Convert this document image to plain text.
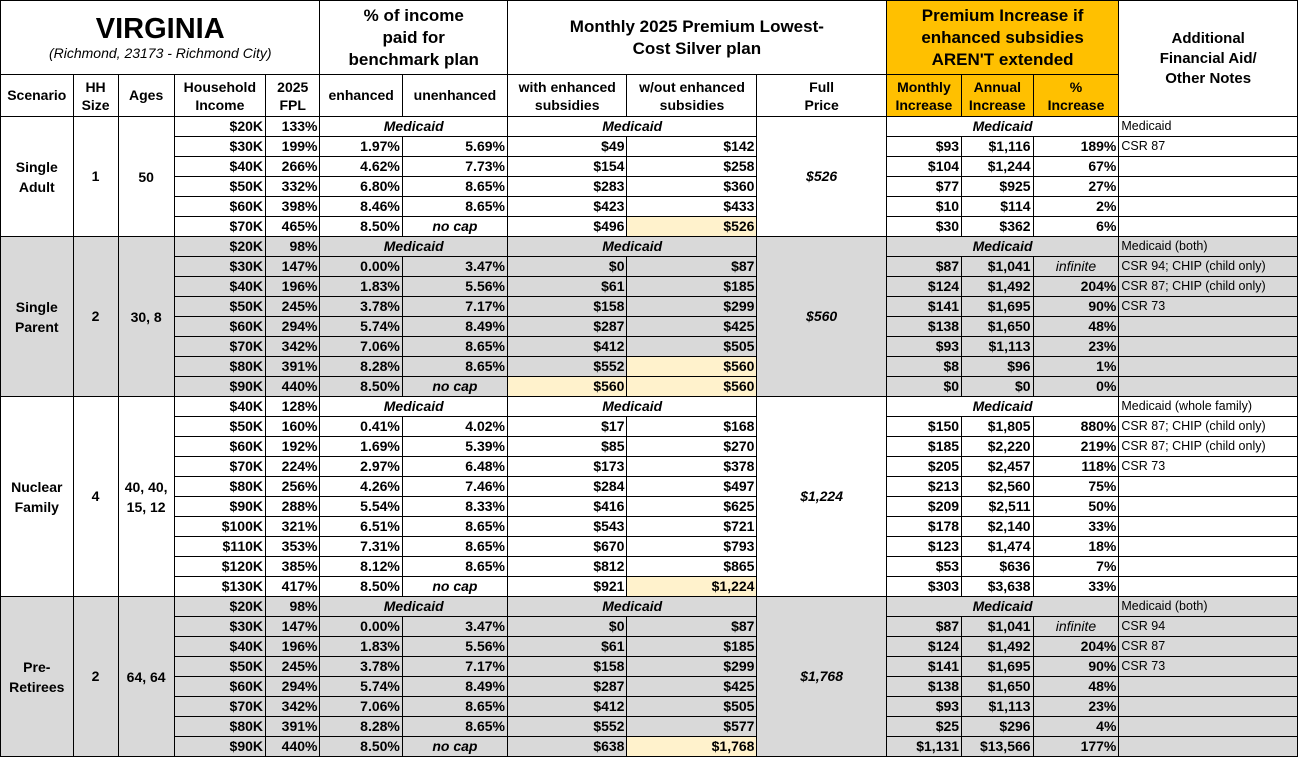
VIRGINIA
(Richmond, 23173 - Richmond City)					% of income paid for benchmark plan		Monthly 2025 Premium Lowest-Cost Silver plan			Premium Increase if enhanced subsidies AREN'T extended			Additional Financial Aid/ Other Notes
Scenario	HH Size	Ages	Household Income	2025 FPL	enhanced	unenhanced	with enhanced subsidies	w/out enhanced subsidies	Full Price	Monthly Increase	Annual Increase	% Increase	
Single Adult	1	50	$20K	133%	Medicaid		Medicaid		$526	Medicaid			Medicaid
			$30K	199%	1.97%	5.69%	$49	$142		$93	$1,116	189%	CSR 87
			$40K	266%	4.62%	7.73%	$154	$258		$104	$1,244	67%	
			$50K	332%	6.80%	8.65%	$283	$360		$77	$925	27%	
			$60K	398%	8.46%	8.65%	$423	$433		$10	$114	2%	
			$70K	465%	8.50%	no cap	$496	$526		$30	$362	6%	
Single Parent	2	30, 8	$20K	98%	Medicaid		Medicaid		$560	Medicaid			Medicaid (both)
			$30K	147%	0.00%	3.47%	$0	$87		$87	$1,041	infinite	CSR 94; CHIP (child only)
			$40K	196%	1.83%	5.56%	$61	$185		$124	$1,492	204%	CSR 87; CHIP (child only)
			$50K	245%	3.78%	7.17%	$158	$299		$141	$1,695	90%	CSR 73
			$60K	294%	5.74%	8.49%	$287	$425		$138	$1,650	48%	
			$70K	342%	7.06%	8.65%	$412	$505		$93	$1,113	23%	
			$80K	391%	8.28%	8.65%	$552	$560		$8	$96	1%	
			$90K	440%	8.50%	no cap	$560	$560		$0	$0	0%	
Nuclear Family	4	40, 40, 15, 12	$40K	128%	Medicaid		Medicaid		$1,224	Medicaid			Medicaid (whole family)
			$50K	160%	0.41%	4.02%	$17	$168		$150	$1,805	880%	CSR 87; CHIP (child only)
			$60K	192%	1.69%	5.39%	$85	$270		$185	$2,220	219%	CSR 87; CHIP (child only)
			$70K	224%	2.97%	6.48%	$173	$378		$205	$2,457	118%	CSR 73
			$80K	256%	4.26%	7.46%	$284	$497		$213	$2,560	75%	
			$90K	288%	5.54%	8.33%	$416	$625		$209	$2,511	50%	
			$100K	321%	6.51%	8.65%	$543	$721		$178	$2,140	33%	
			$110K	353%	7.31%	8.65%	$670	$793		$123	$1,474	18%	
			$120K	385%	8.12%	8.65%	$812	$865		$53	$636	7%	
			$130K	417%	8.50%	no cap	$921	$1,224		$303	$3,638	33%	
Pre- Retirees	2	64, 64	$20K	98%	Medicaid		Medicaid		$1,768	Medicaid			Medicaid (both)
			$30K	147%	0.00%	3.47%	$0	$87		$87	$1,041	infinite	CSR 94
			$40K	196%	1.83%	5.56%	$61	$185		$124	$1,492	204%	CSR 87
			$50K	245%	3.78%	7.17%	$158	$299		$141	$1,695	90%	CSR 73
			$60K	294%	5.74%	8.49%	$287	$425		$138	$1,650	48%	
			$70K	342%	7.06%	8.65%	$412	$505		$93	$1,113	23%	
			$80K	391%	8.28%	8.65%	$552	$577		$25	$296	4%	
			$90K	440%	8.50%	no cap	$638	$1,768		$1,131	$13,566	177%	
